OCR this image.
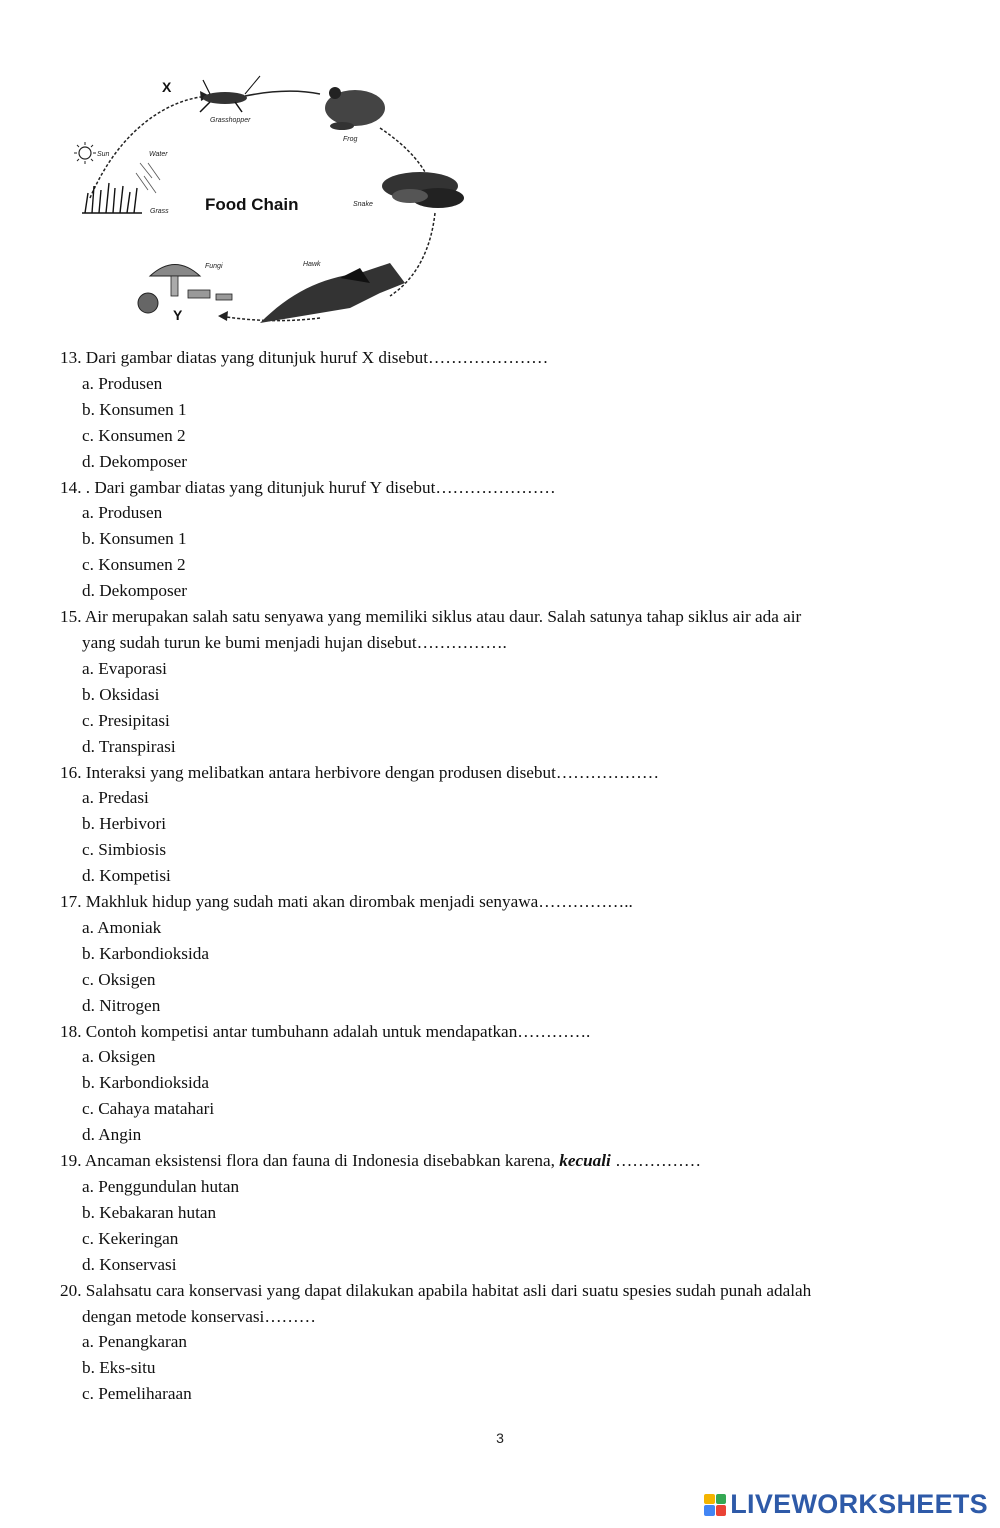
Sun	Water
Grass
X
Grasshopper
Frog
Snake
Food Chain
Hawk
Fungi
Y
13. Dari gambar diatas yang ditunjuk huruf X disebut…………………
a. Produsen
b. Konsumen 1
c. Konsumen 2
d. Dekomposer
14. . Dari gambar diatas yang ditunjuk huruf Y disebut…………………
a. Produsen
b. Konsumen 1
c. Konsumen 2
d. Dekomposer
15. Air merupakan salah satu senyawa yang memiliki siklus atau daur. Salah satunya tahap siklus air ada air
yang sudah turun ke bumi menjadi hujan disebut…………….
a. Evaporasi
b. Oksidasi
c. Presipitasi
d. Transpirasi
16. Interaksi yang melibatkan antara herbivore dengan produsen disebut………………
a. Predasi
b. Herbivori
c. Simbiosis
d. Kompetisi
17. Makhluk hidup yang sudah mati akan dirombak menjadi senyawa……………..
a. Amoniak
b. Karbondioksida
c. Oksigen
d. Nitrogen
18. Contoh kompetisi antar tumbuhann adalah untuk mendapatkan………….
a. Oksigen
b. Karbondioksida
c. Cahaya matahari
d. Angin
19. Ancaman eksistensi flora dan fauna di Indonesia disebabkan karena, kecuali ……………
a. Penggundulan hutan
b. Kebakaran hutan
c. Kekeringan
d. Konservasi
20. Salahsatu cara konservasi yang dapat dilakukan apabila habitat asli dari suatu spesies sudah punah adalah
dengan metode konservasi………
a. Penangkaran
b. Eks-situ
c. Pemeliharaan
3
LIVEWORKSHEETS
